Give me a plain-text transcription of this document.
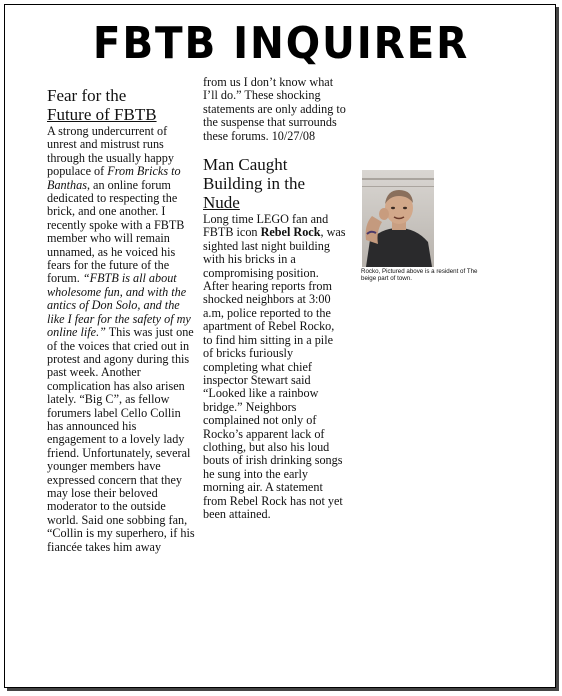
FBTB INQUIRER
Fear for the
Future of FBTB

A strong undercurrent of unrest and mistrust runs through the usually happy populace of From Bricks to Banthas, an online forum dedicated to respecting the brick, and one another. I recently spoke with a FBTB member who will remain unnamed, as he voiced his fears for the future of the forum. “FBTB is all about wholesome fun, and with the antics of Don Solo, and the like I fear for the safety of my online life.” This was just one of the voices that cried out in protest and agony during this past week. Another complication has also arisen lately. “Big C”, as fellow forumers label Cello Collin has announced his engagement to a lovely lady friend. Unfortunately, several younger members have expressed concern that they may lose their beloved moderator to the outside world. Said one sobbing fan, “Collin is my superhero, if his fiancée takes him away

from us I don’t know what I’ll do.” These shocking statements are only adding to the suspense that surrounds these forums. 10/27/08

Man Caught
Building in the
Nude

Long time LEGO fan and FBTB icon Rebel Rock, was sighted last night building with his bricks in a compromising position. After hearing reports from shocked neighbors at 3:00 a.m, police reported to the apartment of Rebel Rocko, to find him sitting in a pile of bricks furiously completing what chief inspector Stewart said “Looked like a rainbow bridge.” Neighbors complained not only of Rocko’s apparent lack of clothing, but also his loud bouts of irish drinking songs he sung into the early morning air. A statement from Rebel Rock has not yet been attained.

Rocko, Pictured above is a resident of The beige part of town.
